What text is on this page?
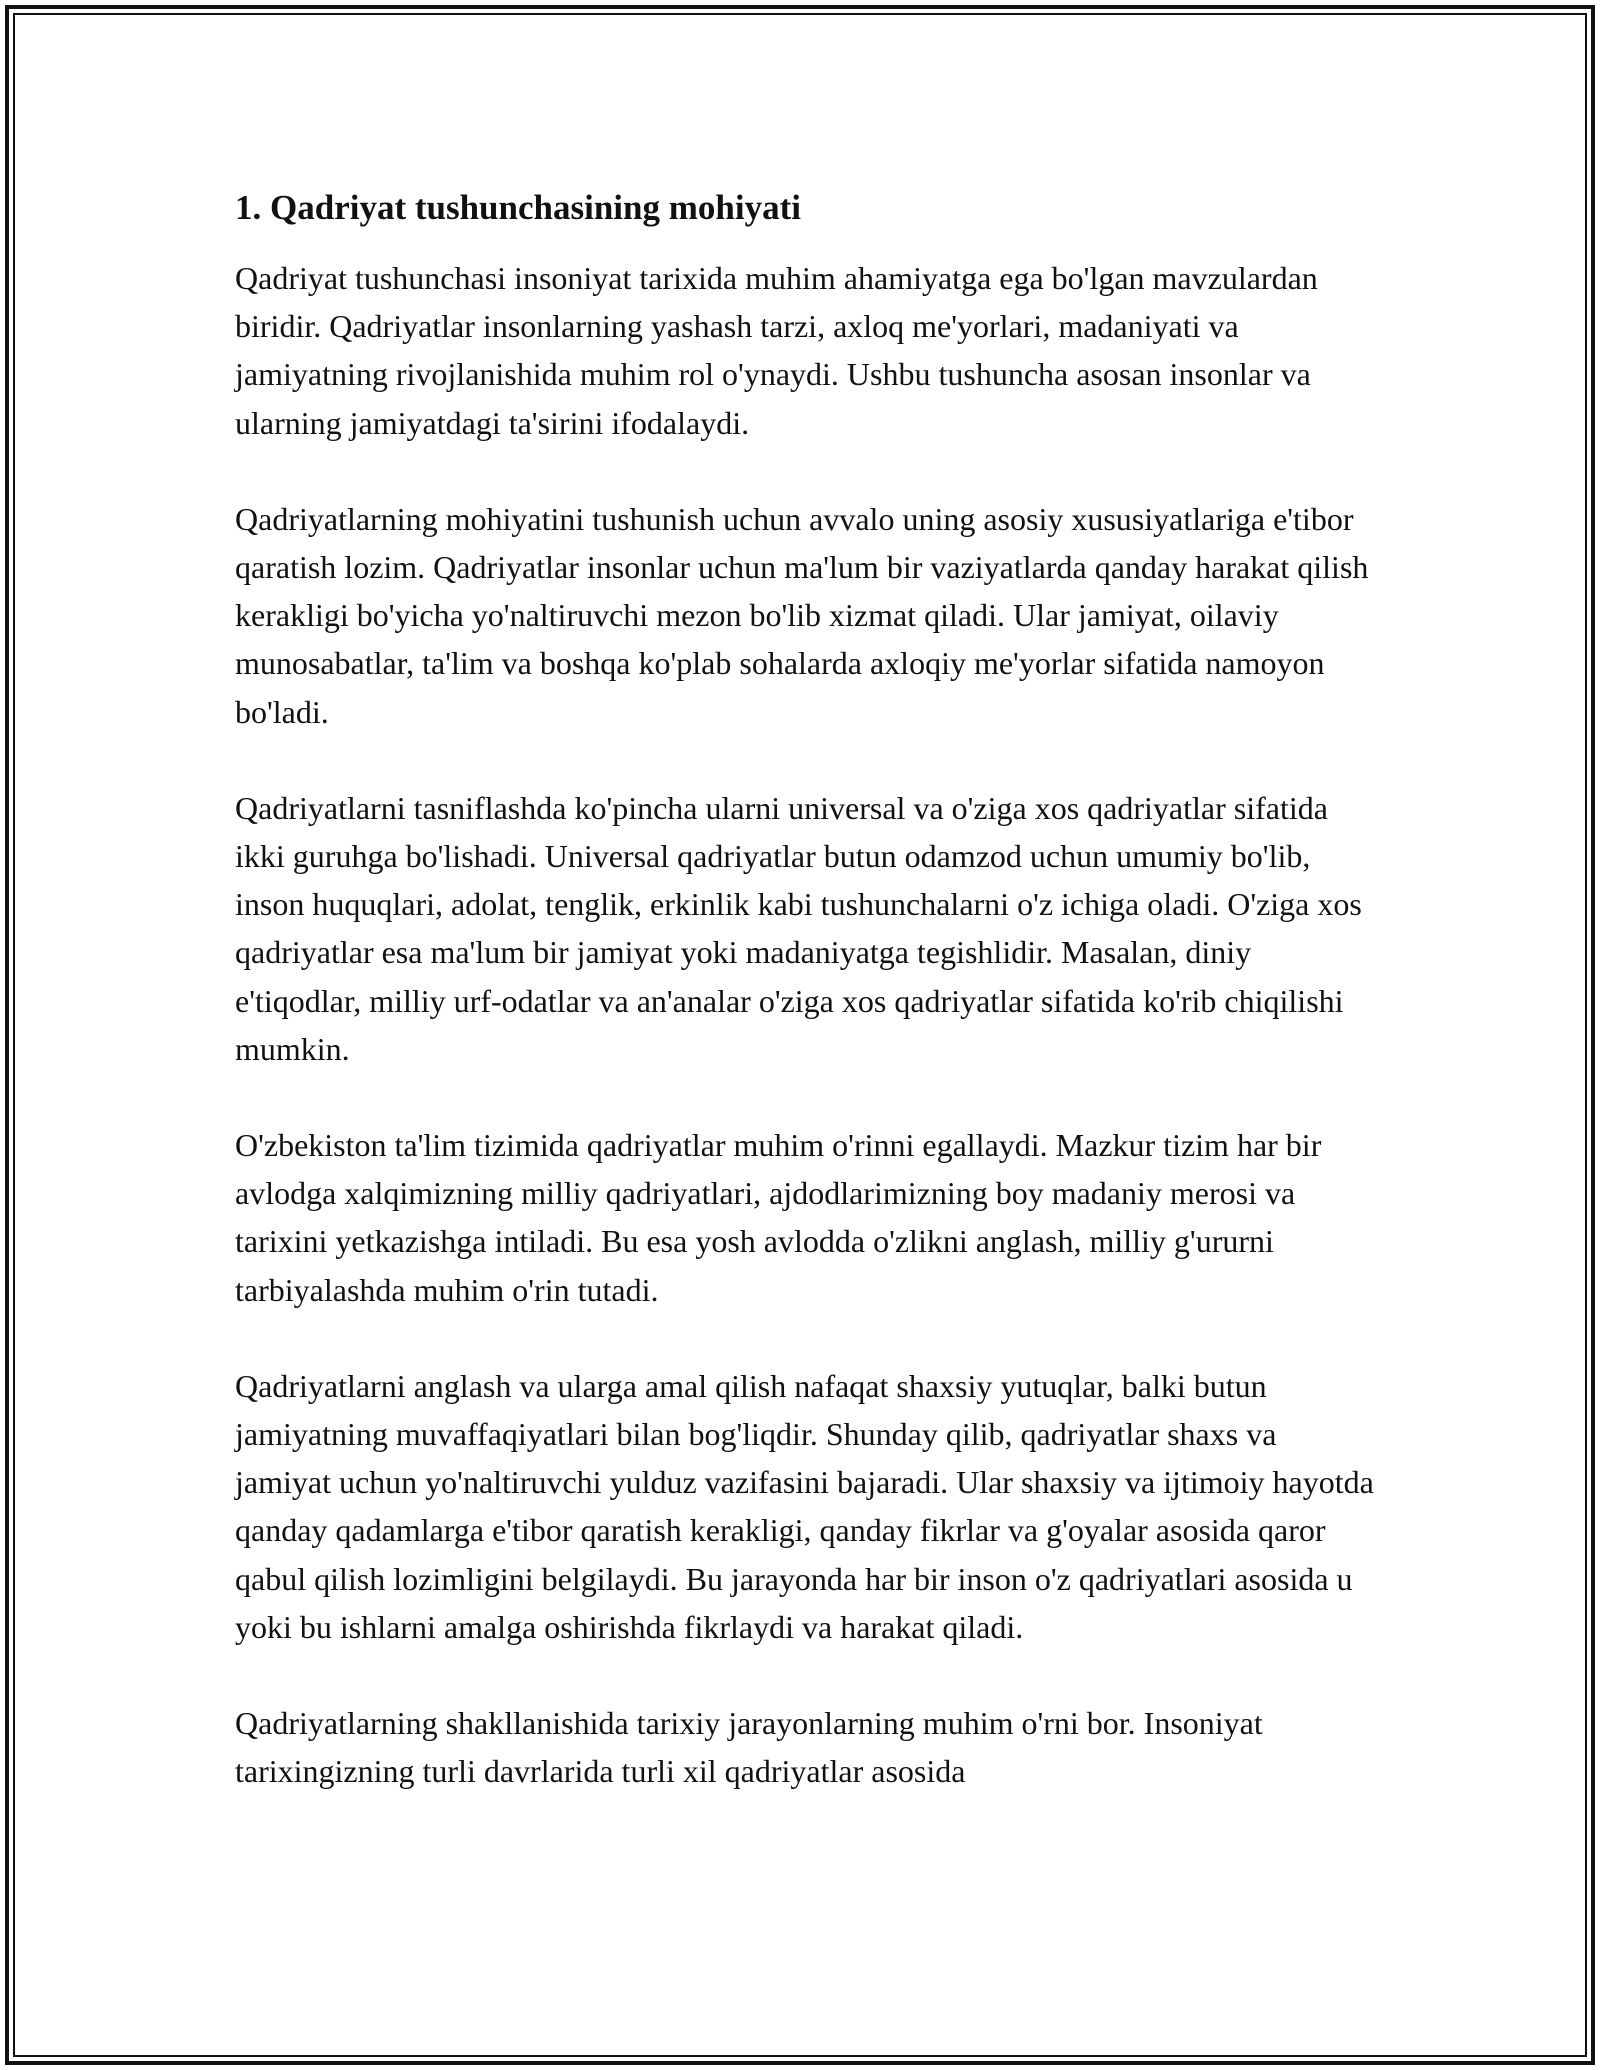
1. Qadriyat tushunchasining mohiyati
Qadriyat tushunchasi insoniyat tarixida muhim ahamiyatga ega bo'lgan mavzulardan biridir. Qadriyatlar insonlarning yashash tarzi, axloq me'yorlari, madaniyati va jamiyatning rivojlanishida muhim rol o'ynaydi. Ushbu tushuncha asosan insonlar va ularning jamiyatdagi ta'sirini ifodalaydi.
Qadriyatlarning mohiyatini tushunish uchun avvalo uning asosiy xususiyatlariga e'tibor qaratish lozim. Qadriyatlar insonlar uchun ma'lum bir vaziyatlarda qanday harakat qilish kerakligi bo'yicha yo'naltiruvchi mezon bo'lib xizmat qiladi. Ular jamiyat, oilaviy munosabatlar, ta'lim va boshqa ko'plab sohalarda axloqiy me'yorlar sifatida namoyon bo'ladi.
Qadriyatlarni tasniflashda ko'pincha ularni universal va o'ziga xos qadriyatlar sifatida ikki guruhga bo'lishadi. Universal qadriyatlar butun odamzod uchun umumiy bo'lib, inson huquqlari, adolat, tenglik, erkinlik kabi tushunchalarni o'z ichiga oladi. O'ziga xos qadriyatlar esa ma'lum bir jamiyat yoki madaniyatga tegishlidir. Masalan, diniy e'tiqodlar, milliy urf-odatlar va an'analar o'ziga xos qadriyatlar sifatida ko'rib chiqilishi mumkin.
O'zbekiston ta'lim tizimida qadriyatlar muhim o'rinni egallaydi. Mazkur tizim har bir avlodga xalqimizning milliy qadriyatlari, ajdodlarimizning boy madaniy merosi va tarixini yetkazishga intiladi. Bu esa yosh avlodda o'zlikni anglash, milliy g'ururni tarbiyalashda muhim o'rin tutadi.
Qadriyatlarni anglash va ularga amal qilish nafaqat shaxsiy yutuqlar, balki butun jamiyatning muvaffaqiyatlari bilan bog'liqdir. Shunday qilib, qadriyatlar shaxs va jamiyat uchun yo'naltiruvchi yulduz vazifasini bajaradi. Ular shaxsiy va ijtimoiy hayotda qanday qadamlarga e'tibor qaratish kerakligi, qanday fikrlar va g'oyalar asosida qaror qabul qilish lozimligini belgilaydi. Bu jarayonda har bir inson o'z qadriyatlari asosida u yoki bu ishlarni amalga oshirishda fikrlaydi va harakat qiladi.
Qadriyatlarning shakllanishida tarixiy jarayonlarning muhim o'rni bor. Insoniyat tarixingizning turli davrlarida turli xil qadriyatlar asosida
